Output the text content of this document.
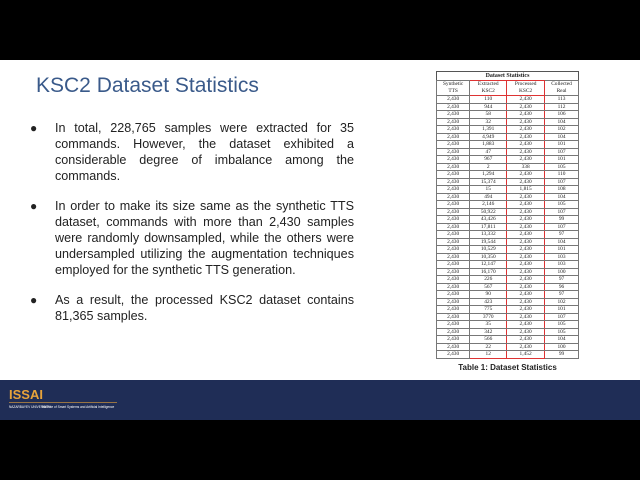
KSC2 Dataset Statistics
● In total, 228,765 samples were extracted for 35 commands. However, the dataset exhibited a considerable degree of imbalance among the commands.
● In order to make its size same as the synthetic TTS dataset, commands with more than 2,430 samples were randomly downsampled, while the others were undersampled utilizing the augmentation techniques employed for the synthetic TTS generation.
● As a result, the processed KSC2 dataset contains 81,365 samples.
Dataset Statistics
Synthetic TTS	Extracted KSC2	Processed KSC2	Collected Real
2,430	110	2,430	113
2,430	944	2,430	112
2,430	58	2,430	106
2,430	32	2,430	104
2,430	1,391	2,430	102
2,430	4,949	2,430	104
2,430	1,883	2,430	101
2,430	47	2,430	107
2,430	967	2,430	101
2,430	2	338	105
2,430	1,294	2,430	110
2,430	15,374	2,430	107
2,430	15	1,815	108
2,430	494	2,430	104
2,430	2,146	2,430	105
2,430	50,922	2,430	107
2,430	43,426	2,430	99
2,430	17,811	2,430	107
2,430	13,332	2,430	97
2,430	19,544	2,430	104
2,430	10,529	2,430	101
2,430	10,350	2,430	103
2,430	12,147	2,430	103
2,430	16,170	2,430	100
2,430	226	2,430	97
2,430	567	2,430	96
2,430	90	2,430	97
2,430	423	2,430	102
2,430	775	2,430	101
2,430	3770	2,430	107
2,430	35	2,430	105
2,430	342	2,430	105
2,430	566	2,430	104
2,430	22	2,430	100
2,430	12	1,452	99
Table 1: Dataset Statistics
ISSAI
NAZARBAYEV UNIVERSITY
Institute of Smart Systems and Artificial Intelligence
